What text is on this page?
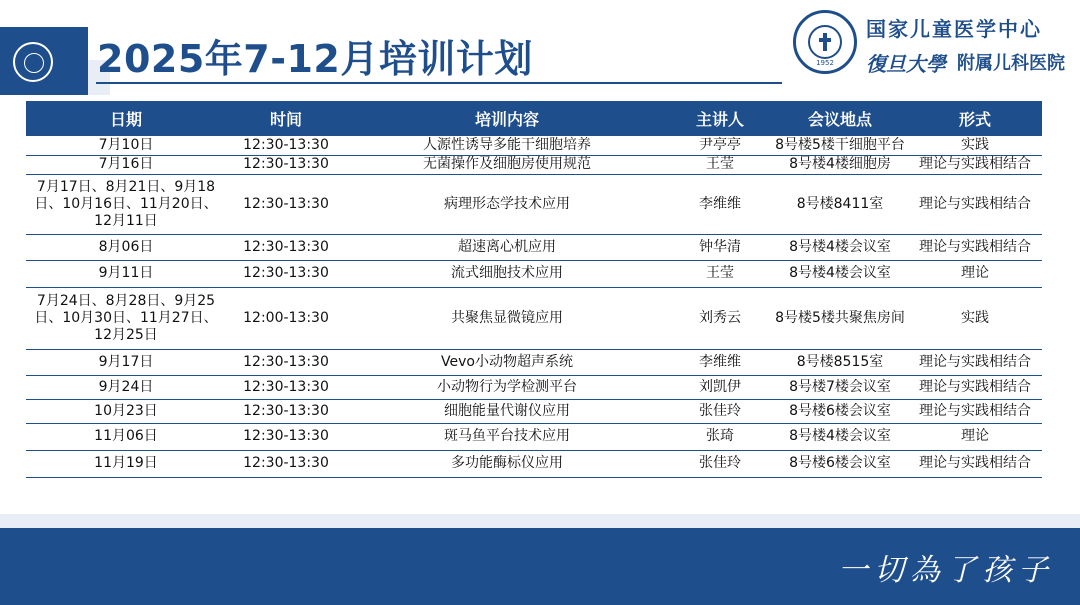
2025年7-12月培训计划	1952
国家儿童医学中心
復旦大學 附属儿科医院
日期	时间	培训内容	主讲人	会议地点	形式
7月10日	12:30-13:30	人源性诱导多能干细胞培养	尹亭亭	8号楼5楼干细胞平台	实践
7月16日	12:30-13:30	无菌操作及细胞房使用规范	王莹	8号楼4楼细胞房	理论与实践相结合
7月17日、8月21日、9月18日、10月16日、11月20日、12月11日	12:30-13:30	病理形态学技术应用	李维维	8号楼8411室	理论与实践相结合
8月06日	12:30-13:30	超速离心机应用	钟华清	8号楼4楼会议室	理论与实践相结合
9月11日	12:30-13:30	流式细胞技术应用	王莹	8号楼4楼会议室	理论
7月24日、8月28日、9月25日、10月30日、11月27日、12月25日	12:00-13:30	共聚焦显微镜应用	刘秀云	8号楼5楼共聚焦房间	实践
9月17日	12:30-13:30	Vevo小动物超声系统	李维维	8号楼8515室	理论与实践相结合
9月24日	12:30-13:30	小动物行为学检测平台	刘凯伊	8号楼7楼会议室	理论与实践相结合
10月23日	12:30-13:30	细胞能量代谢仪应用	张佳玲	8号楼6楼会议室	理论与实践相结合
11月06日	12:30-13:30	斑马鱼平台技术应用	张琦	8号楼4楼会议室	理论
11月19日	12:30-13:30	多功能酶标仪应用	张佳玲	8号楼6楼会议室	理论与实践相结合
一切為了孩子
